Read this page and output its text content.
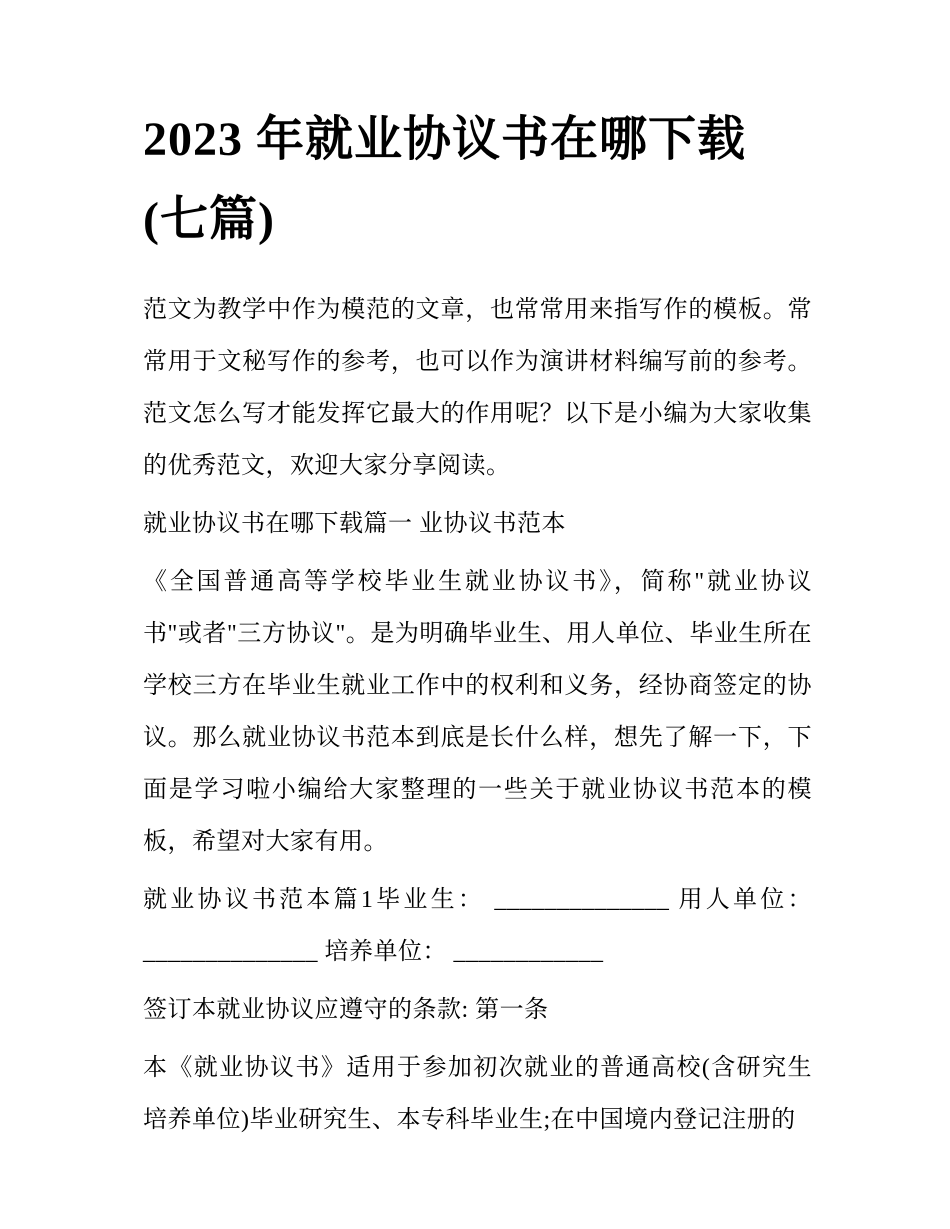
2023 年就业协议书在哪下载
(七篇)

范文为教学中作为模范的文章，也常常用来指写作的模板。常常用于文秘写作的参考，也可以作为演讲材料编写前的参考。范文怎么写才能发挥它最大的作用呢？以下是小编为大家收集的优秀范文，欢迎大家分享阅读。

就业协议书在哪下载篇一 业协议书范本

《全国普通高等学校毕业生就业协议书》，简称"就业协议书"或者"三方协议"。是为明确毕业生、用人单位、毕业生所在学校三方在毕业生就业工作中的权利和义务，经协商签定的协议。那么就业协议书范本到底是长什么样，想先了解一下，下面是学习啦小编给大家整理的一些关于就业协议书范本的模板，希望对大家有用。

就业协议书范本篇1毕业生： ______________ 用人单位： ______________ 培养单位： ____________

签订本就业协议应遵守的条款: 第一条

本《就业协议书》适用于参加初次就业的普通高校(含研究生培养单位)毕业研究生、本专科毕业生;在中国境内登记注册的
